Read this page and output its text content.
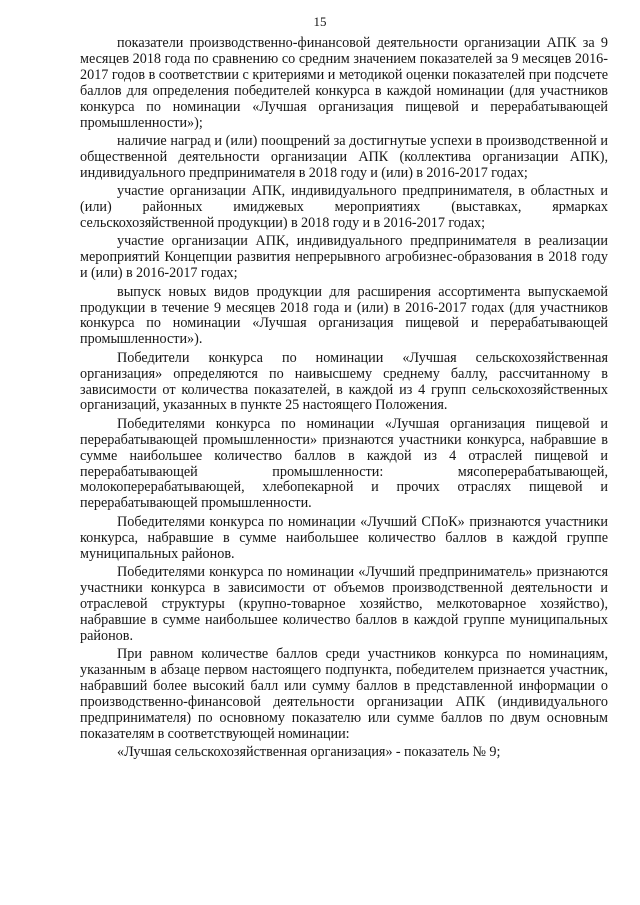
15

показатели производственно-финансовой деятельности организации АПК за 9 месяцев 2018 года по сравнению со средним значением показателей за 9 месяцев 2016-2017 годов в соответствии с критериями и методикой оценки показателей при подсчете баллов для определения победителей конкурса в каждой номинации (для участников конкурса по номинации «Лучшая организация пищевой и перерабатывающей промышленности»);

наличие наград и (или) поощрений за достигнутые успехи в производственной и общественной деятельности организации АПК (коллектива организации АПК), индивидуального предпринимателя в 2018 году и (или) в 2016-2017 годах;

участие организации АПК, индивидуального предпринимателя, в областных и (или) районных имиджевых мероприятиях (выставках, ярмарках сельскохозяйственной продукции) в 2018 году и в 2016-2017 годах;

участие организации АПК, индивидуального предпринимателя в реализации мероприятий Концепции развития непрерывного агробизнес-образования в 2018 году и (или) в 2016-2017 годах;

выпуск новых видов продукции для расширения ассортимента выпускаемой продукции в течение 9 месяцев 2018 года и (или) в 2016-2017 годах (для участников конкурса по номинации «Лучшая организация пищевой и перерабатывающей промышленности»).

Победители конкурса по номинации «Лучшая сельскохозяйственная организация» определяются по наивысшему среднему баллу, рассчитанному в зависимости от количества показателей, в каждой из 4 групп сельскохозяйственных организаций, указанных в пункте 25 настоящего Положения.

Победителями конкурса по номинации «Лучшая организация пищевой и перерабатывающей промышленности» признаются участники конкурса, набравшие в сумме наибольшее количество баллов в каждой из 4 отраслей пищевой и перерабатывающей промышленности: мясоперерабатывающей, молокоперерабатывающей, хлебопекарной и прочих отраслях пищевой и перерабатывающей промышленности.

Победителями конкурса по номинации «Лучший СПоК» признаются участники конкурса, набравшие в сумме наибольшее количество баллов в каждой группе муниципальных районов.

Победителями конкурса по номинации «Лучший предприниматель» признаются участники конкурса в зависимости от объемов производственной деятельности и отраслевой структуры (крупно-товарное хозяйство, мелкотоварное хозяйство), набравшие в сумме наибольшее количество баллов в каждой группе муниципальных районов.

При равном количестве баллов среди участников конкурса по номинациям, указанным в абзаце первом настоящего подпункта, победителем признается участник, набравший более высокий балл или сумму баллов в представленной информации о производственно-финансовой деятельности организации АПК (индивидуального предпринимателя) по основному показателю или сумме баллов по двум основным показателям в соответствующей номинации:

«Лучшая сельскохозяйственная организация» - показатель № 9;
